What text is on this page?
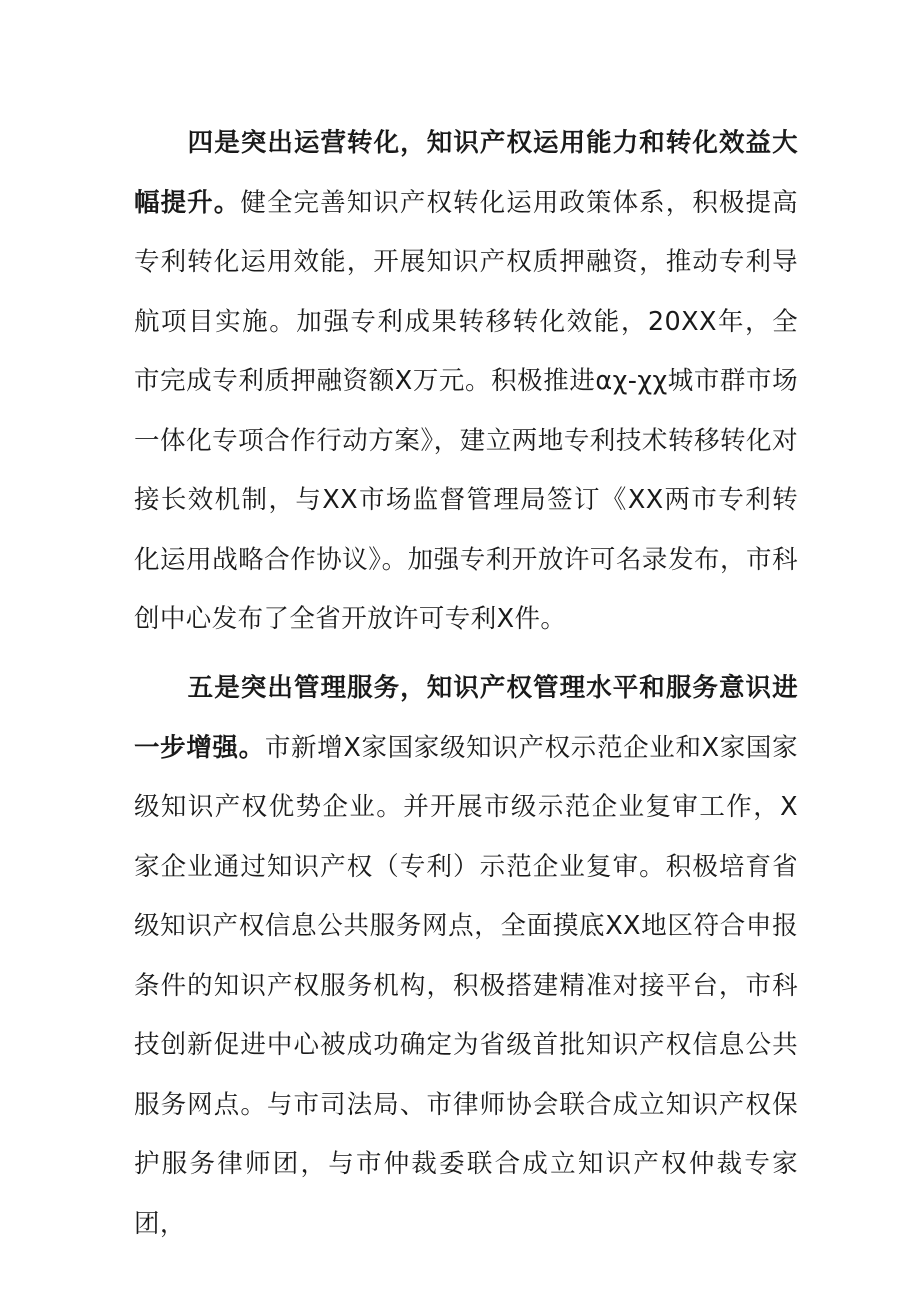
四是突出运营转化，知识产权运用能力和转化效益大幅提升。健全完善知识产权转化运用政策体系，积极提高专利转化运用效能，开展知识产权质押融资，推动专利导航项目实施。加强专利成果转移转化效能，20XX年，全市完成专利质押融资额X万元。积极推进αχ-χχ城市群市场一体化专项合作行动方案》，建立两地专利技术转移转化对接长效机制，与XX市场监督管理局签订《XX两市专利转化运用战略合作协议》。加强专利开放许可名录发布，市科创中心发布了全省开放许可专利X件。

五是突出管理服务，知识产权管理水平和服务意识进一步增强。市新增X家国家级知识产权示范企业和X家国家级知识产权优势企业。并开展市级示范企业复审工作，X家企业通过知识产权（专利）示范企业复审。积极培育省级知识产权信息公共服务网点，全面摸底XX地区符合申报条件的知识产权服务机构，积极搭建精准对接平台，市科技创新促进中心被成功确定为省级首批知识产权信息公共服务网点。与市司法局、市律师协会联合成立知识产权保护服务律师团，与市仲裁委联合成立知识产权仲裁专家团，
